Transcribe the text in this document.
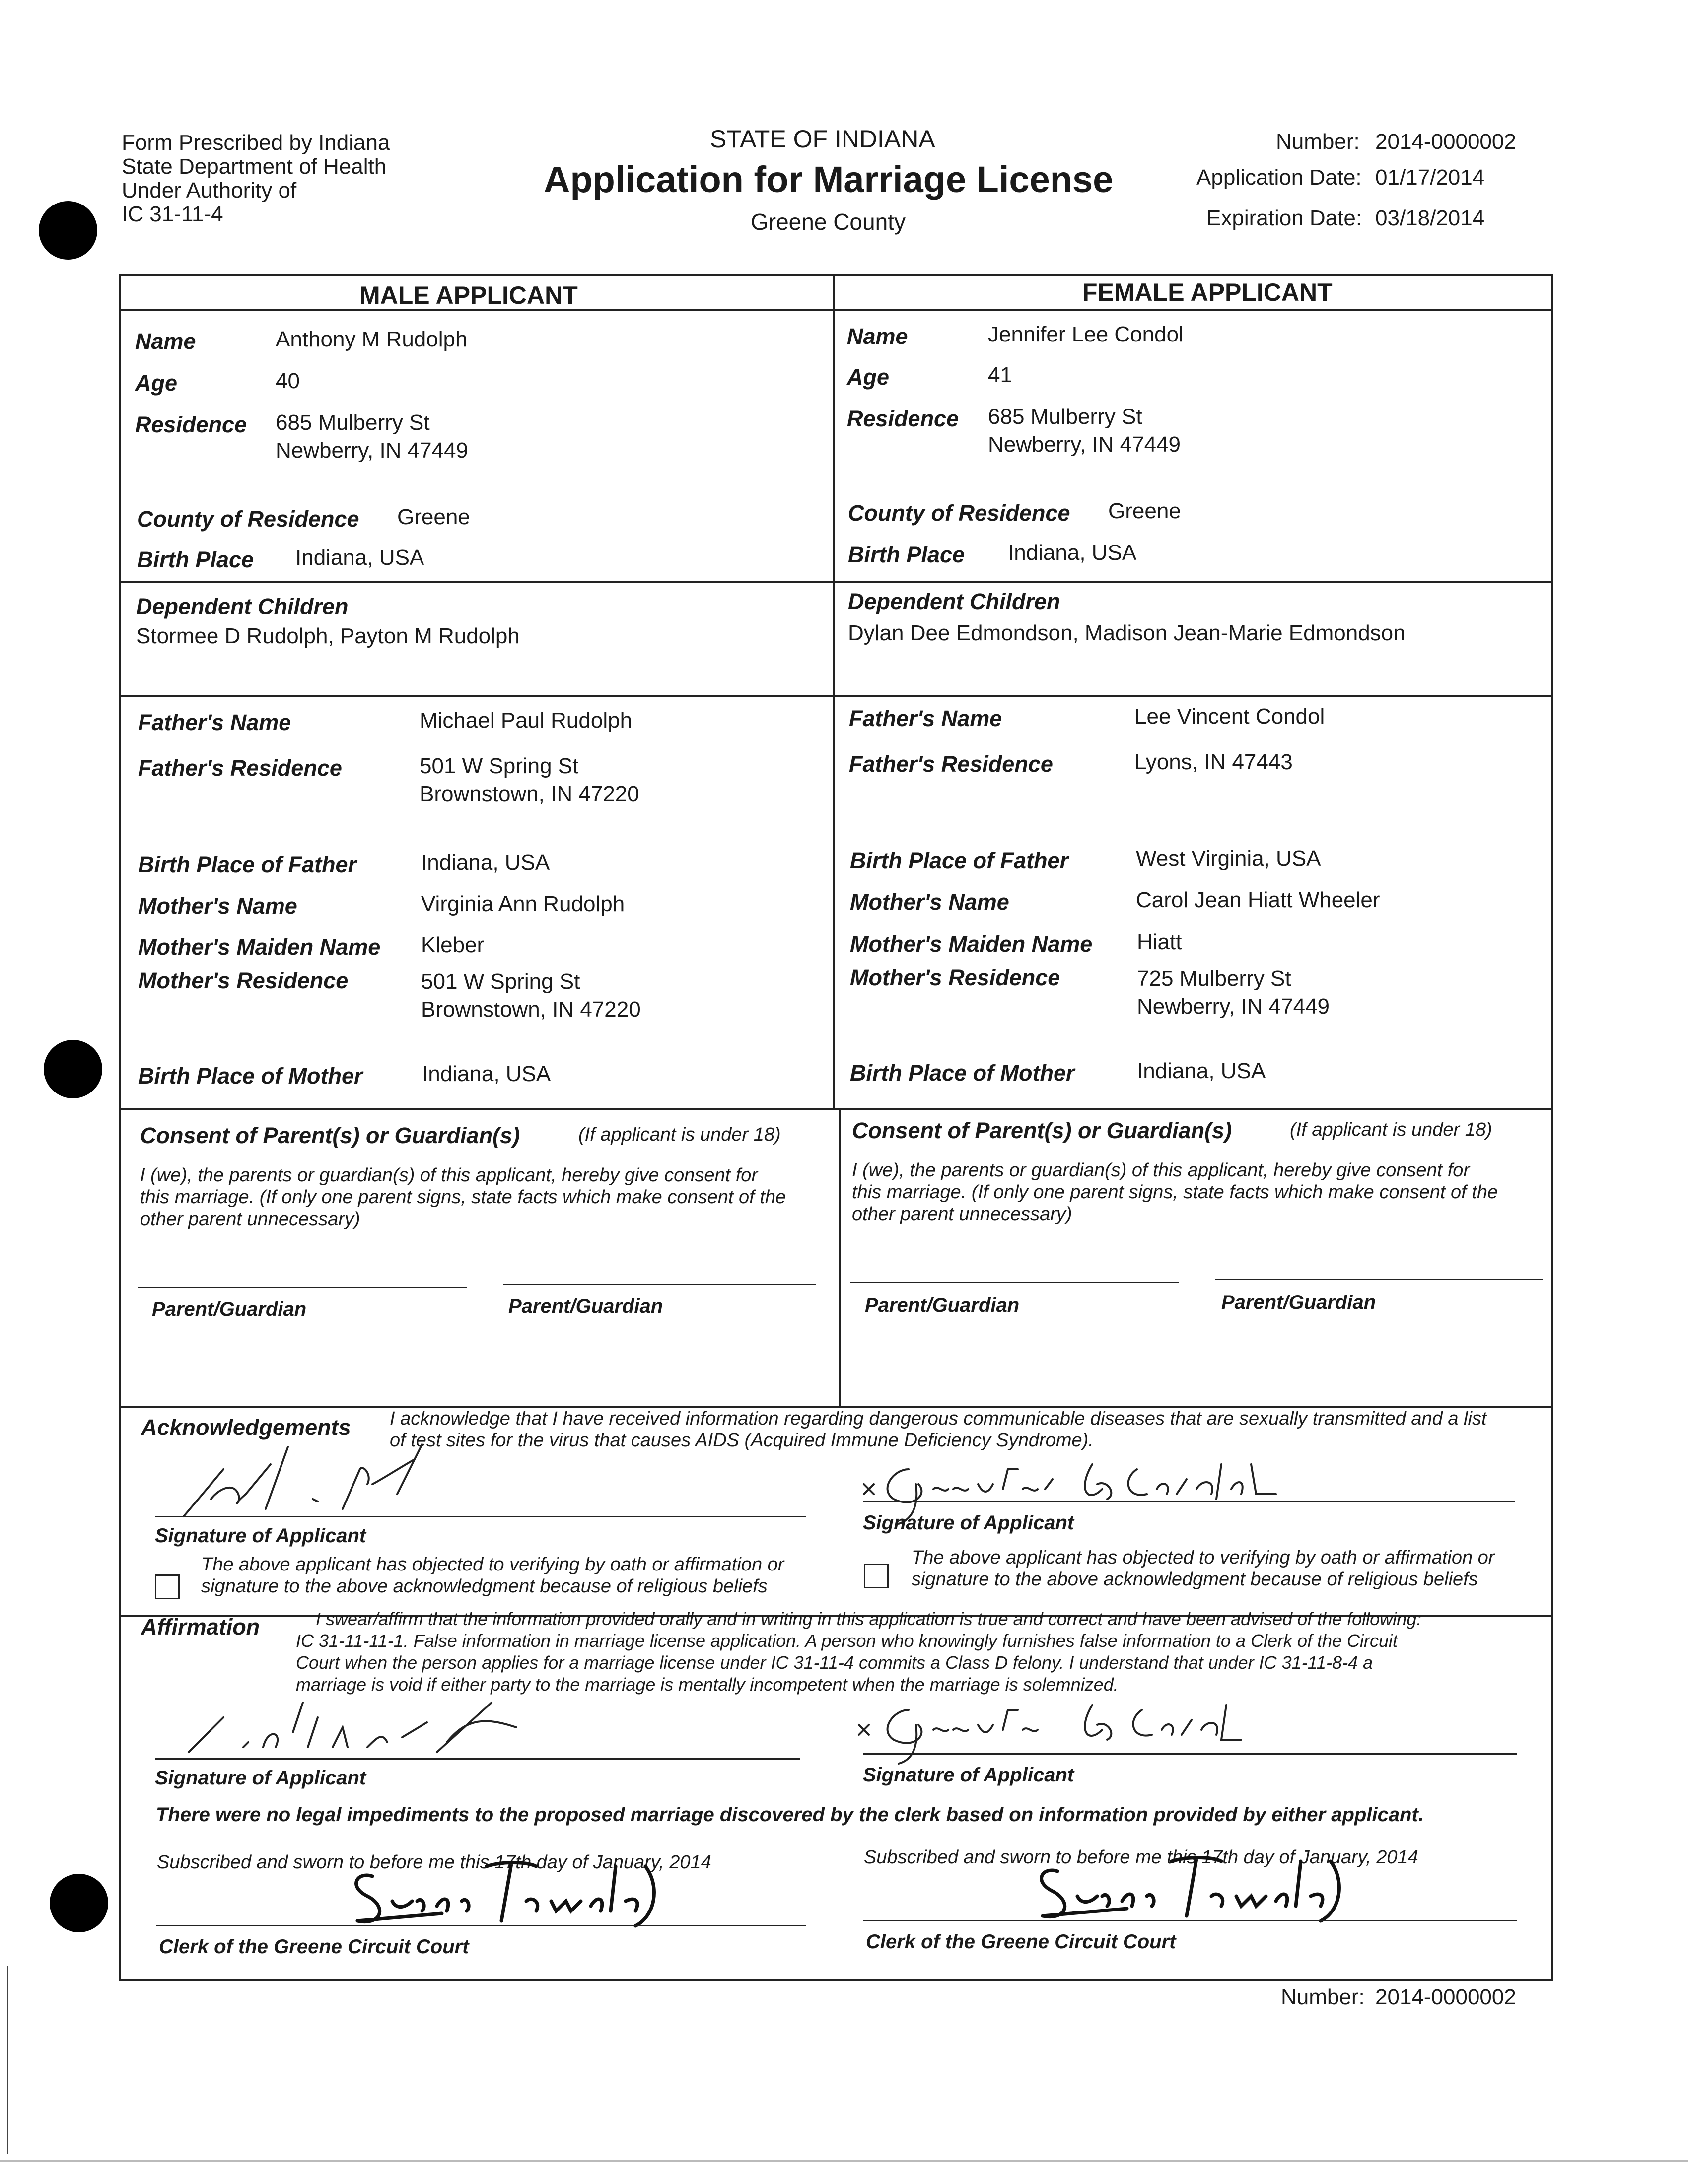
Form Prescribed by Indiana
State Department of Health
Under Authority of
IC 31-11-4
STATE OF INDIANA
Application for Marriage License
Greene County
Number: 2014-0000002
Application Date: 01/17/2014
Expiration Date: 03/18/2014
MALE APPLICANT	FEMALE APPLICANT
Name	Anthony M Rudolph
Age	40
Residence 685 Mulberry St
Newberry, IN 47449
County of Residence Greene
Birth Place Indiana, USA
Dependent Children
Stormee D Rudolph, Payton M Rudolph
Father's Name	Michael Paul Rudolph
Father's Residence	501 W Spring St
Brownstown, IN 47220
Birth Place of Father	Indiana, USA
Mother's Name	Virginia Ann Rudolph
Mother's Maiden Name Kleber
Mother's Residence	501 W Spring St
Brownstown, IN 47220
Birth Place of Mother	Indiana, USA
Name	Jennifer Lee Condol
Age	41
Residence 685 Mulberry St
Newberry, IN 47449
County of Residence Greene
Birth Place Indiana, USA
Dependent Children
Dylan Dee Edmondson, Madison Jean-Marie Edmondson
Father's Name	Lee Vincent Condol
Father's Residence	Lyons, IN 47443
Birth Place of Father	West Virginia, USA
Mother's Name	Carol Jean Hiatt Wheeler
Mother's Maiden Name Hiatt
Mother's Residence	725 Mulberry St
Newberry, IN 47449
Birth Place of Mother	Indiana, USA
Consent of Parent(s) or Guardian(s)	(If applicant is under 18)
I (we), the parents or guardian(s) of this applicant, hereby give consent for
this marriage. (If only one parent signs, state facts which make consent of the
other parent unnecessary)
Parent/Guardian	Parent/Guardian
Consent of Parent(s) or Guardian(s)	(If applicant is under 18)
I (we), the parents or guardian(s) of this applicant, hereby give consent for
this marriage. (If only one parent signs, state facts which make consent of the
other parent unnecessary)
Parent/Guardian	Parent/Guardian
Acknowledgements I acknowledge that I have received information regarding dangerous communicable diseases that are sexually transmitted and a list
of test sites for the virus that causes AIDS (Acquired Immune Deficiency Syndrome).
Signature of Applicant
The above applicant has objected to verifying by oath or affirmation or
signature to the above acknowledgment because of religious beliefs
Signature of Applicant
The above applicant has objected to verifying by oath or affirmation or
signature to the above acknowledgment because of religious beliefs
Affirmation	I swear/affirm that the information provided orally and in writing in this application is true and correct and have been advised of the following:
IC 31-11-11-1. False information in marriage license application. A person who knowingly furnishes false information to a Clerk of the Circuit
Court when the person applies for a marriage license under IC 31-11-4 commits a Class D felony. I understand that under IC 31-11-8-4 a
marriage is void if either party to the marriage is mentally incompetent when the marriage is solemnized.
Signature of Applicant	Signature of Applicant
There were no legal impediments to the proposed marriage discovered by the clerk based on information provided by either applicant.
Subscribed and sworn to before me this 17th day of January, 2014
Clerk of the Greene Circuit Court
Subscribed and sworn to before me this 17th day of January, 2014
Clerk of the Greene Circuit Court
Number: 2014-0000002
